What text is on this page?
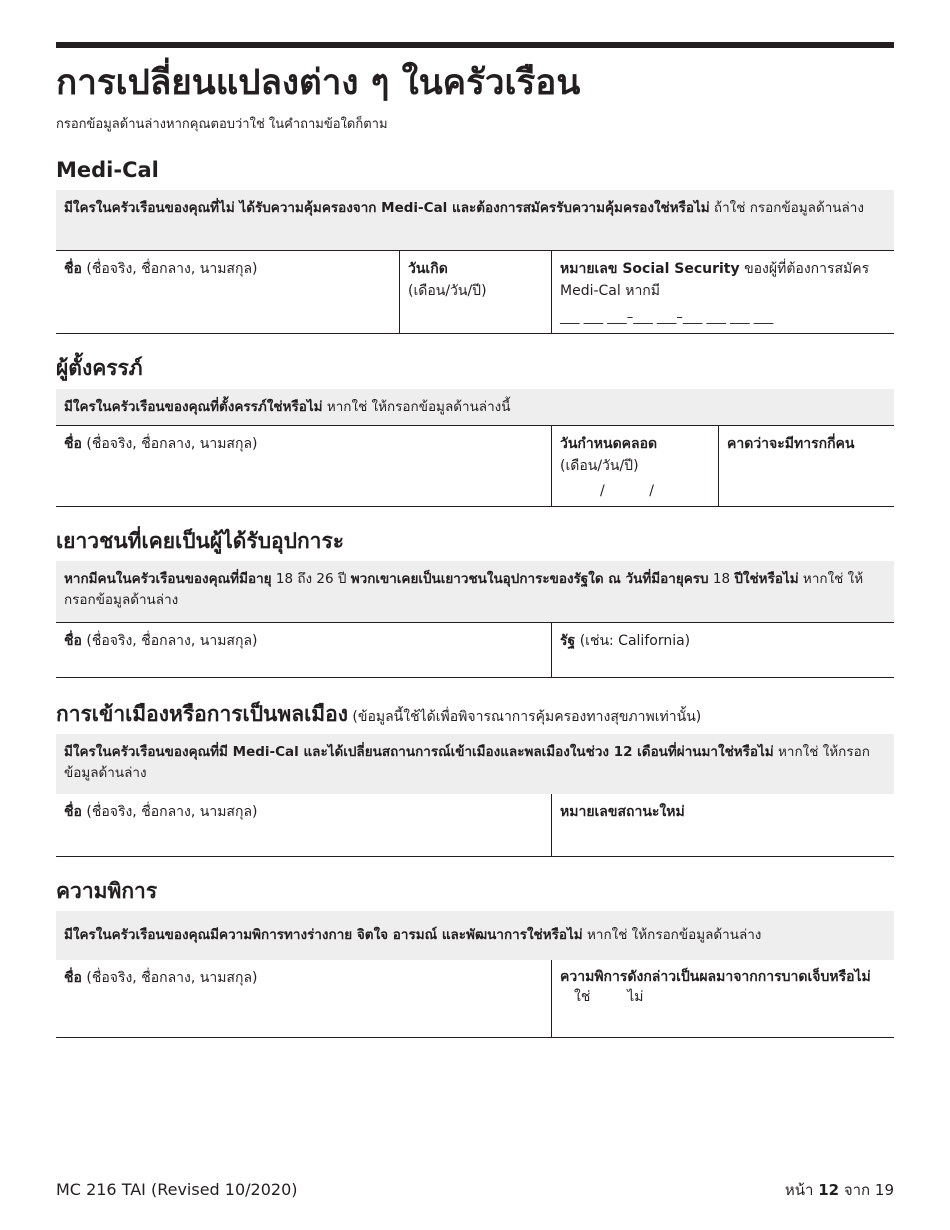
การเปลี่ยนแปลงต่าง ๆ ในครัวเรือน
กรอกข้อมูลด้านล่างหากคุณตอบว่าใช่ ในคำถามข้อใดก็ตาม
Medi-Cal
มีใครในครัวเรือนของคุณที่ไม่ ได้รับความคุ้มครองจาก Medi-Cal และต้องการสมัครรับความคุ้มครองใช่หรือไม่ ถ้าใช่ กรอกข้อมูลด้านล่าง
ชื่อ (ชื่อจริง, ชื่อกลาง, นามสกุล)	วันเกิด
(เดือน/วัน/ปี)
หมายเลข Social Security ของผู้ที่ต้องการสมัคร Medi-Cal หากมี
___ ___ ___–___ ___–___ ___ ___ ___
ผู้ตั้งครรภ์
มีใครในครัวเรือนของคุณที่ตั้งครรภ์ใช่หรือไม่ หากใช่ ให้กรอกข้อมูลด้านล่างนี้
ชื่อ (ชื่อจริง, ชื่อกลาง, นามสกุล)	วันกำหนดคลอด
(เดือน/วัน/ปี)
/          /
คาดว่าจะมีทารกกี่คน
เยาวชนที่เคยเป็นผู้ได้รับอุปการะ
หากมีคนในครัวเรือนของคุณที่มีอายุ 18 ถึง 26 ปี พวกเขาเคยเป็นเยาวชนในอุปการะของรัฐใด ณ วันที่มีอายุครบ 18 ปีใช่หรือไม่ หากใช่ ให้กรอกข้อมูลด้านล่าง
ชื่อ (ชื่อจริง, ชื่อกลาง, นามสกุล)	รัฐ (เช่น: California)
การเข้าเมืองหรือการเป็นพลเมือง (ข้อมูลนี้ใช้ได้เพื่อพิจารณาการคุ้มครองทางสุขภาพเท่านั้น)
มีใครในครัวเรือนของคุณที่มี Medi-Cal และได้เปลี่ยนสถานการณ์เข้าเมืองและพลเมืองในช่วง 12 เดือนที่ผ่านมาใช่หรือไม่ หากใช่ ให้กรอกข้อมูลด้านล่าง
ชื่อ (ชื่อจริง, ชื่อกลาง, นามสกุล)	หมายเลขสถานะใหม่
ความพิการ
มีใครในครัวเรือนของคุณมีความพิการทางร่างกาย จิตใจ อารมณ์ และพัฒนาการใช่หรือไม่ หากใช่ ให้กรอกข้อมูลด้านล่าง
ชื่อ (ชื่อจริง, ชื่อกลาง, นามสกุล)	ความพิการดังกล่าวเป็นผลมาจากการบาดเจ็บหรือไม่
ใช่	ไม่
MC 216 TAI (Revised 10/2020)	หน้า 12 จาก 19
